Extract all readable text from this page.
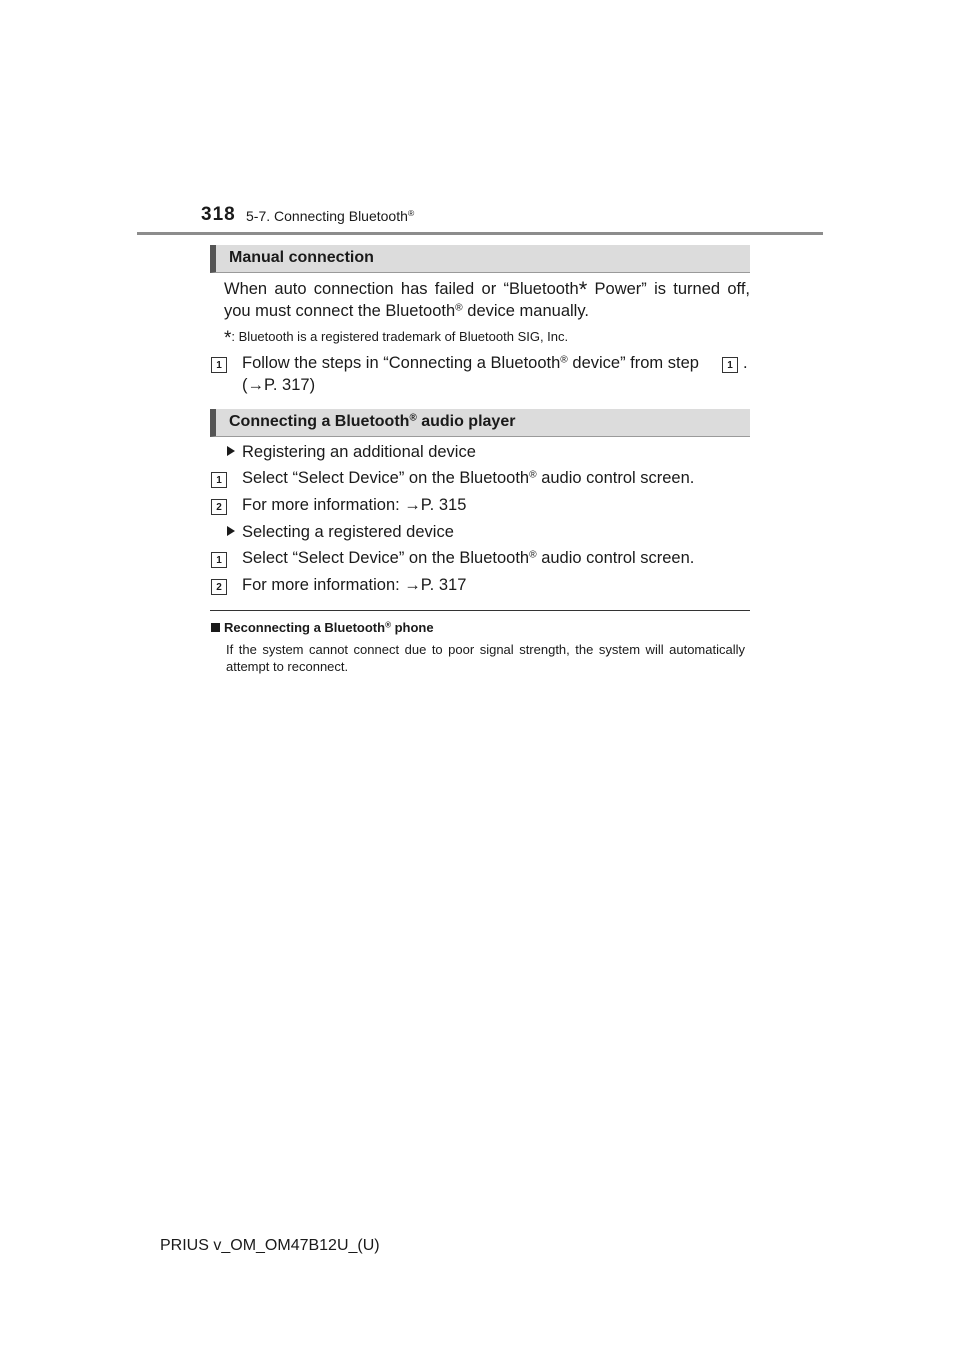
318 5-7. Connecting Bluetooth®
Manual connection
When auto connection has failed or “Bluetooth* Power” is turned off, you must connect the Bluetooth® device manually.
*: Bluetooth is a registered trademark of Bluetooth SIG, Inc.
1	Follow the steps in “Connecting a Bluetooth® device” from step	1 .
(→P. 317)
Connecting a Bluetooth® audio player
Registering an additional device
1	Select “Select Device” on the Bluetooth® audio control screen.
2	For more information: →P. 315
Selecting a registered device
1	Select “Select Device” on the Bluetooth® audio control screen.
2	For more information: →P. 317
Reconnecting a Bluetooth® phone
If the system cannot connect due to poor signal strength, the system will automatically attempt to reconnect.
PRIUS v_OM_OM47B12U_(U)
